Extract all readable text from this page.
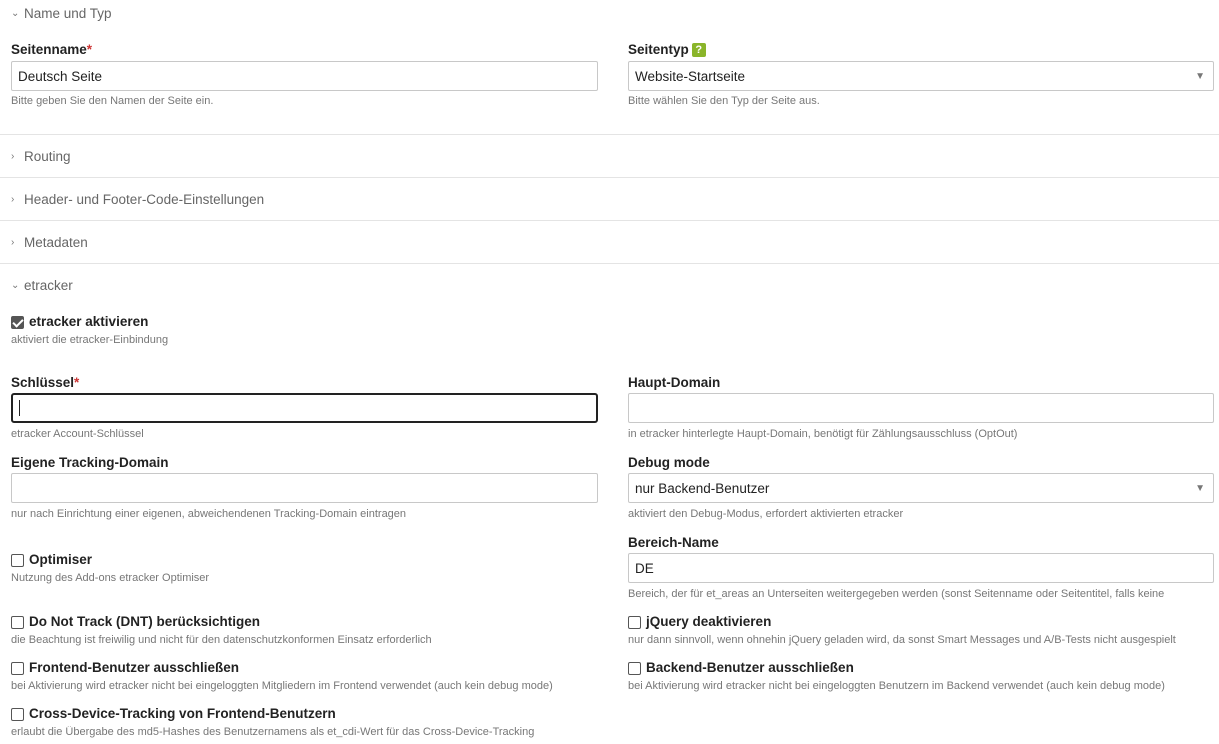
⌄ Name und Typ
Seitenname*
Deutsch Seite
Bitte geben Sie den Namen der Seite ein.
Seitentyp ?
Website-Startseite	▼
Bitte wählen Sie den Typ der Seite aus.
› Routing
› Header- und Footer-Code-Einstellungen
› Metadaten
⌄ etracker
etracker aktivieren
aktiviert die etracker-Einbindung
Schlüssel*
etracker Account-Schlüssel
Haupt-Domain
in etracker hinterlegte Haupt-Domain, benötigt für Zählungsausschluss (OptOut)
Eigene Tracking-Domain
nur nach Einrichtung einer eigenen, abweichendenen Tracking-Domain eintragen
Debug mode
nur Backend-Benutzer	▼
aktiviert den Debug-Modus, erfordert aktivierten etracker
Optimiser
Nutzung des Add-ons etracker Optimiser
Bereich-Name
DE
Bereich, der für et_areas an Unterseiten weitergegeben werden (sonst Seitenname oder Seitentitel, falls keine
Do Not Track (DNT) berücksichtigen
die Beachtung ist freiwilig und nicht für den datenschutzkonformen Einsatz erforderlich
jQuery deaktivieren
nur dann sinnvoll, wenn ohnehin jQuery geladen wird, da sonst Smart Messages und A/B-Tests nicht ausgespielt
Frontend-Benutzer ausschließen
bei Aktivierung wird etracker nicht bei eingeloggten Mitgliedern im Frontend verwendet (auch kein debug mode)
Backend-Benutzer ausschließen
bei Aktivierung wird etracker nicht bei eingeloggten Benutzern im Backend verwendet (auch kein debug mode)
Cross-Device-Tracking von Frontend-Benutzern
erlaubt die Übergabe des md5-Hashes des Benutzernamens als et_cdi-Wert für das Cross-Device-Tracking
